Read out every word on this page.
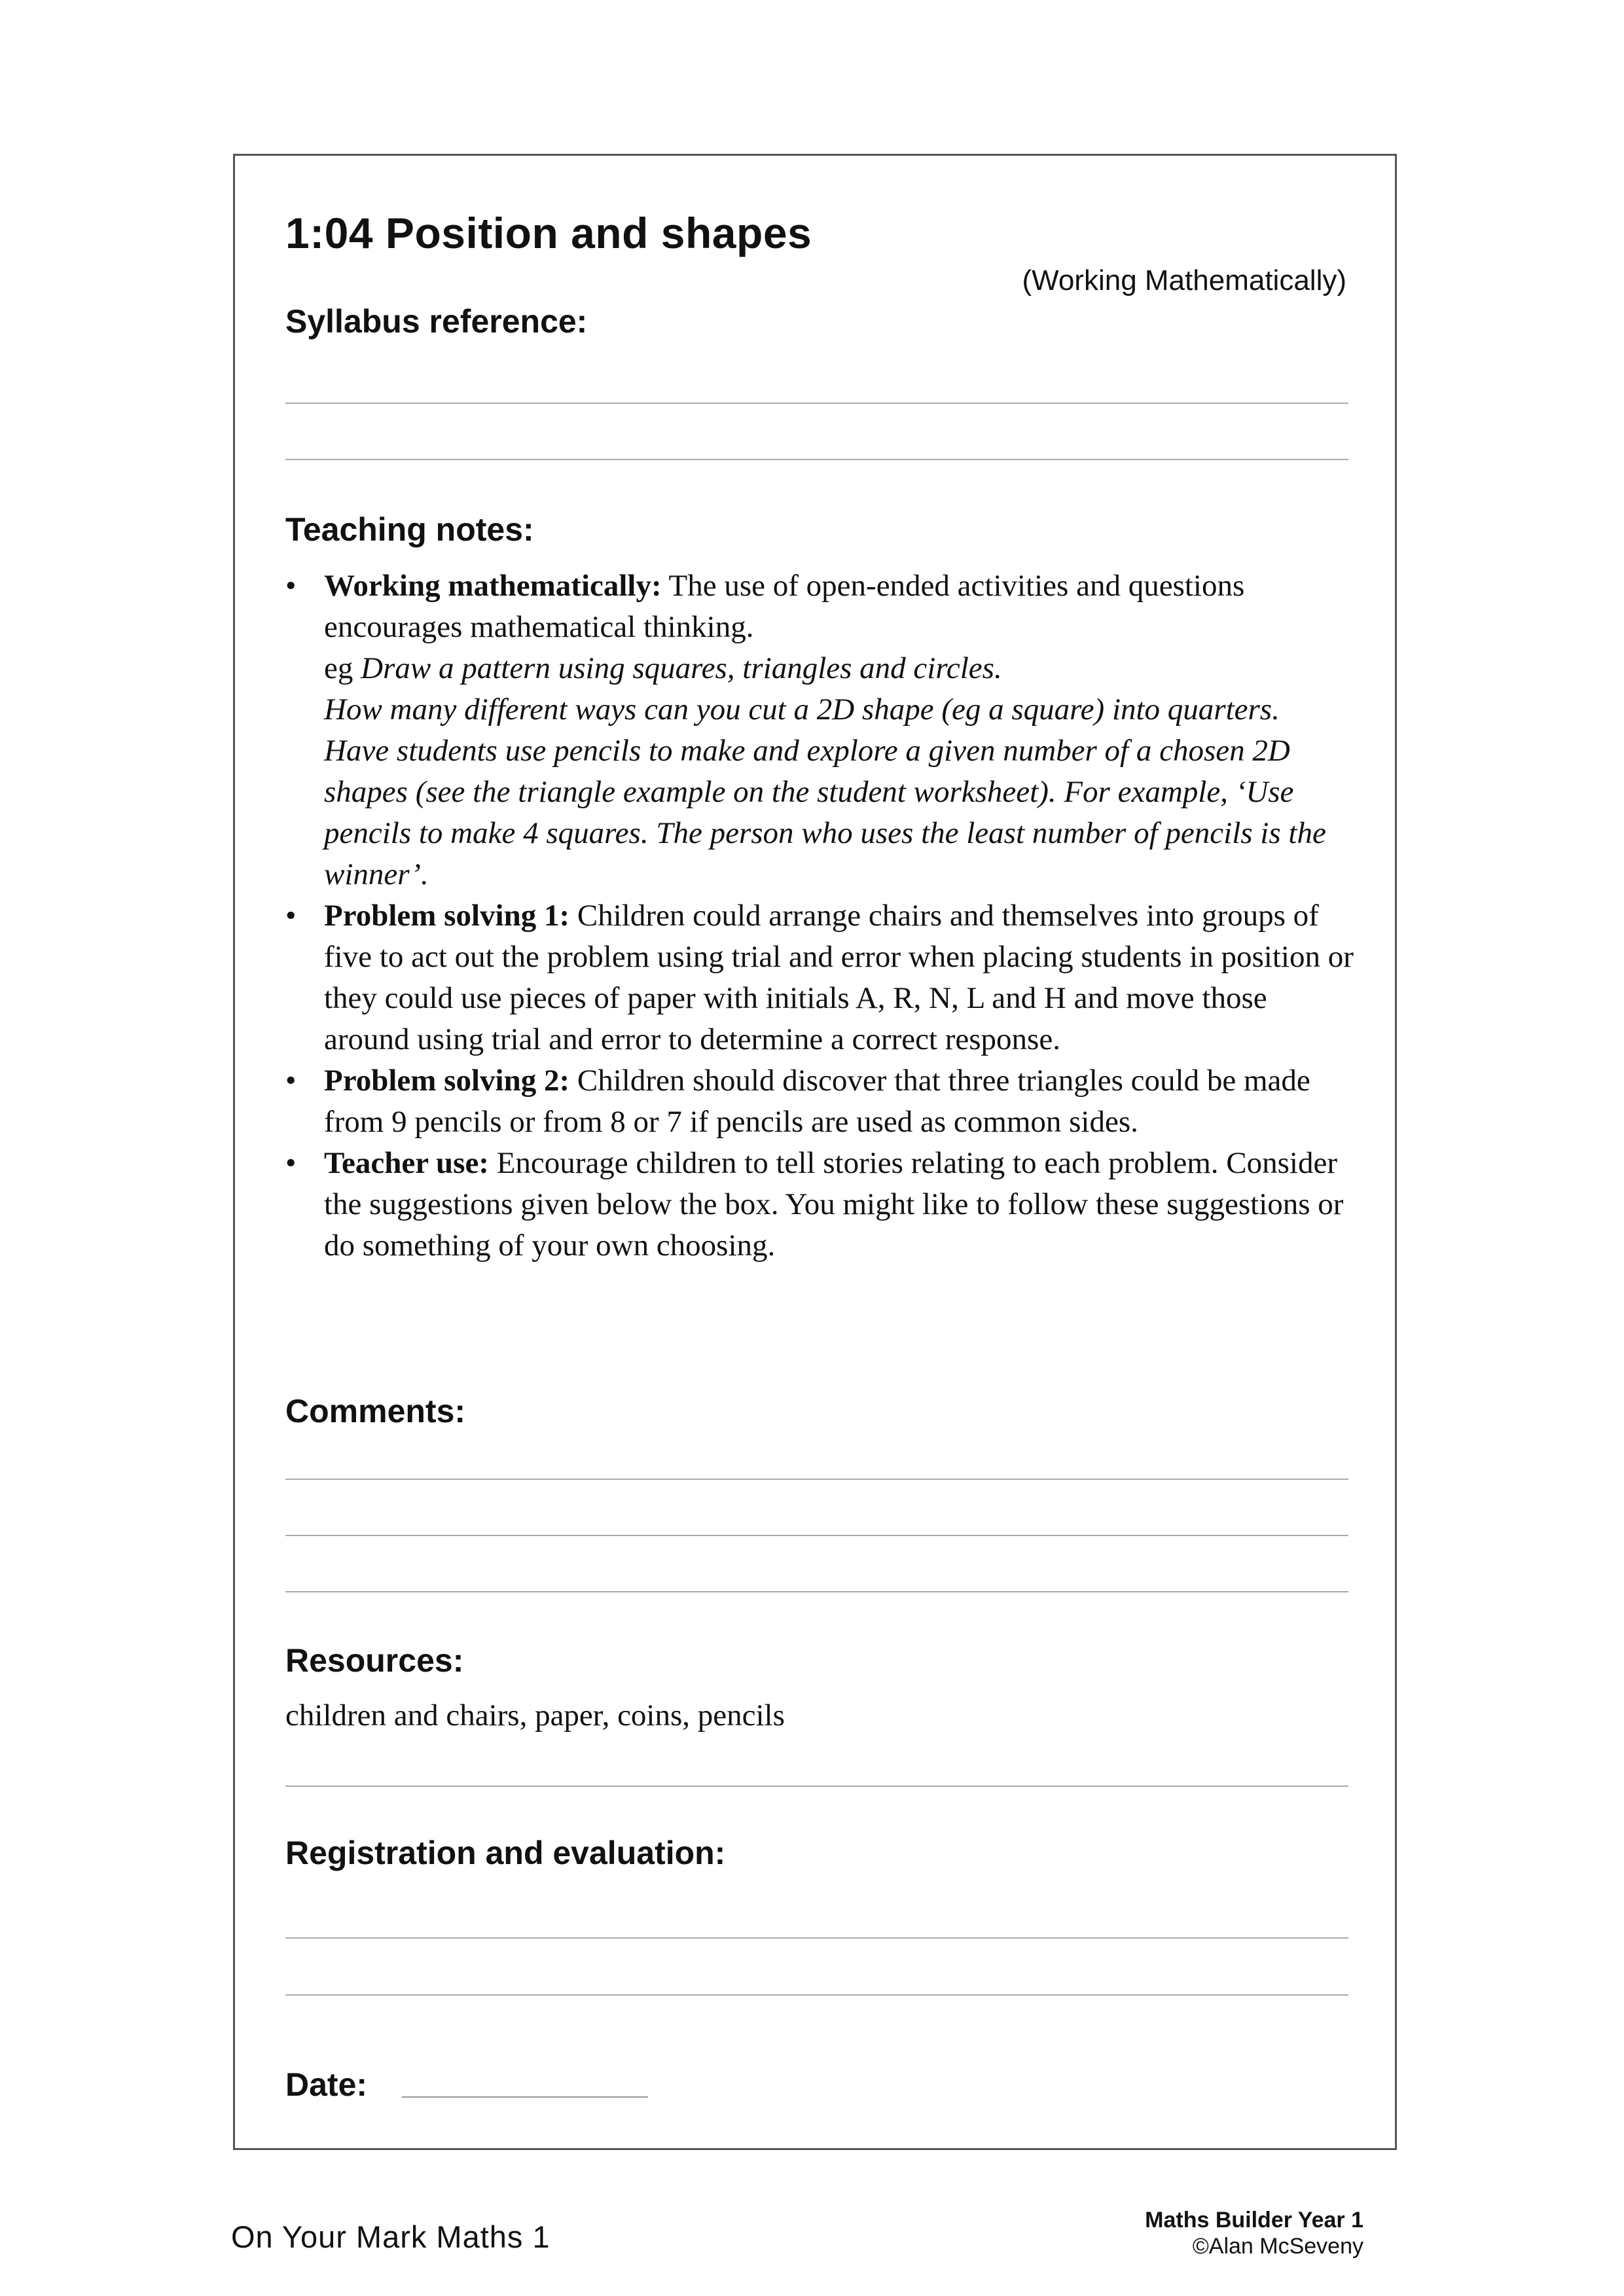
1:04 Position and shapes
(Working Mathematically)
Syllabus reference:
Teaching notes:
• Working mathematically: The use of open-ended activities and questions encourages mathematical thinking.
eg Draw a pattern using squares, triangles and circles.
How many different ways can you cut a 2D shape (eg a square) into quarters.
Have students use pencils to make and explore a given number of a chosen 2D shapes (see the triangle example on the student worksheet). For example, ‘Use pencils to make 4 squares. The person who uses the least number of pencils is the winner’.
• Problem solving 1: Children could arrange chairs and themselves into groups of five to act out the problem using trial and error when placing students in position or they could use pieces of paper with initials A, R, N, L and H and move those around using trial and error to determine a correct response.
• Problem solving 2: Children should discover that three triangles could be made from 9 pencils or from 8 or 7 if pencils are used as common sides.
• Teacher use: Encourage children to tell stories relating to each problem. Consider the suggestions given below the box. You might like to follow these suggestions or do something of your own choosing.
Comments:
Resources:
children and chairs, paper, coins, pencils
Registration and evaluation:
Date:
On Your Mark Maths 1	Maths Builder Year 1
©Alan McSeveny
